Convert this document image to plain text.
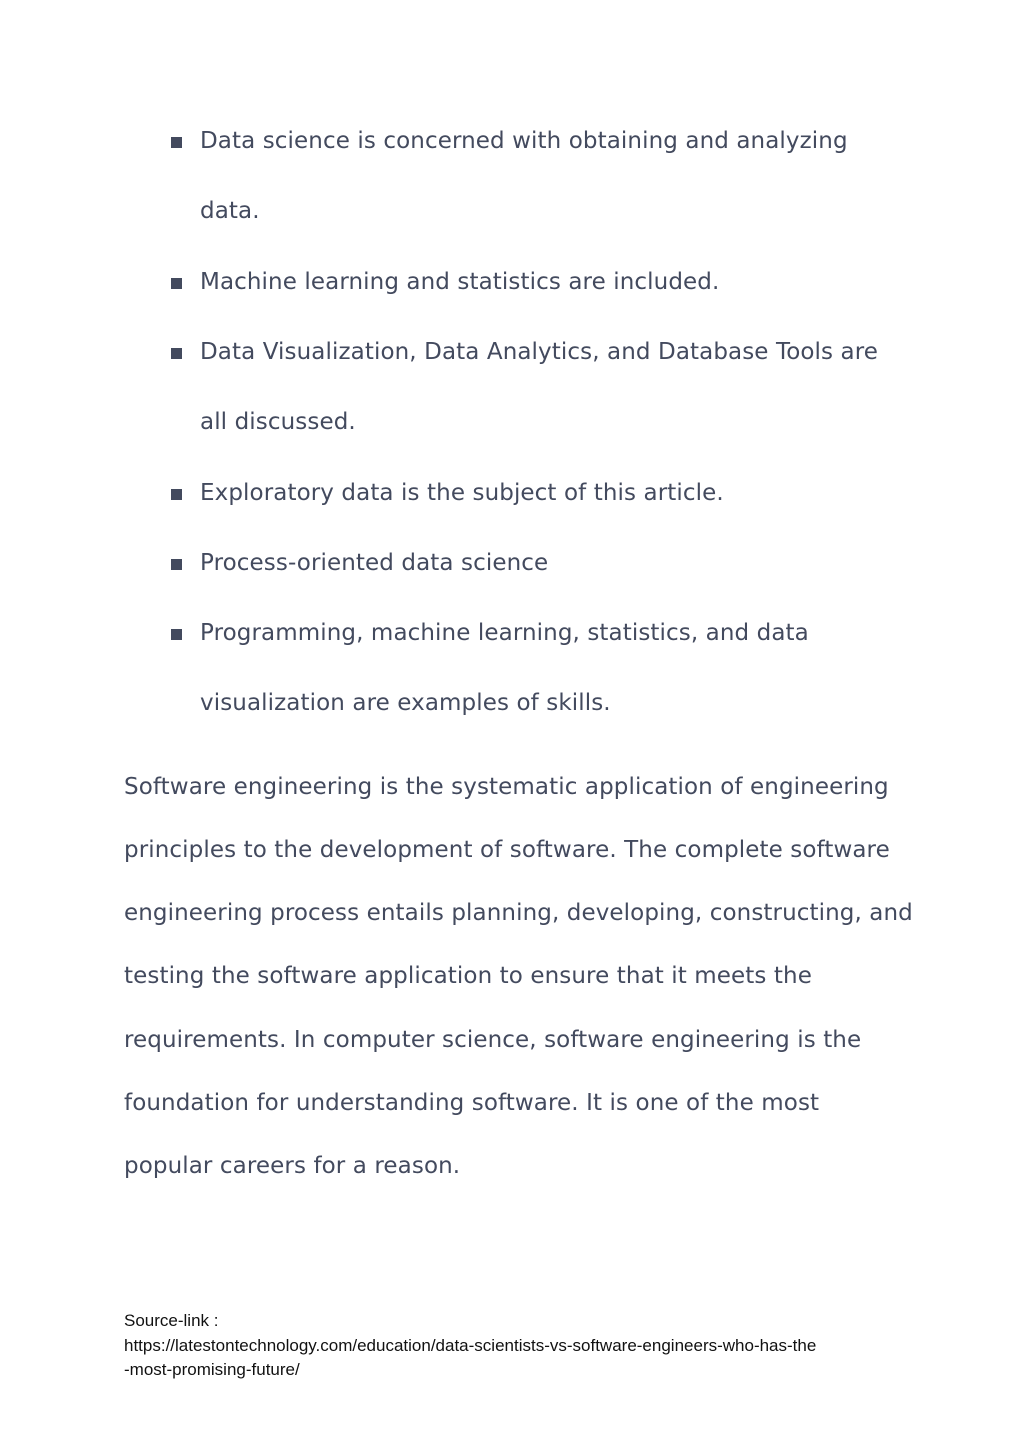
Data science is concerned with obtaining and analyzing
data.
Machine learning and statistics are included.
Data Visualization, Data Analytics, and Database Tools are
all discussed.
Exploratory data is the subject of this article.
Process-oriented data science
Programming, machine learning, statistics, and data
visualization are examples of skills.
Software engineering is the systematic application of engineering
principles to the development of software. The complete software
engineering process entails planning, developing, constructing, and
testing the software application to ensure that it meets the
requirements. In computer science, software engineering is the
foundation for understanding software. It is one of the most
popular careers for a reason.
Source-link :
https://latestontechnology.com/education/data-scientists-vs-software-engineers-who-has-the
-most-promising-future/
